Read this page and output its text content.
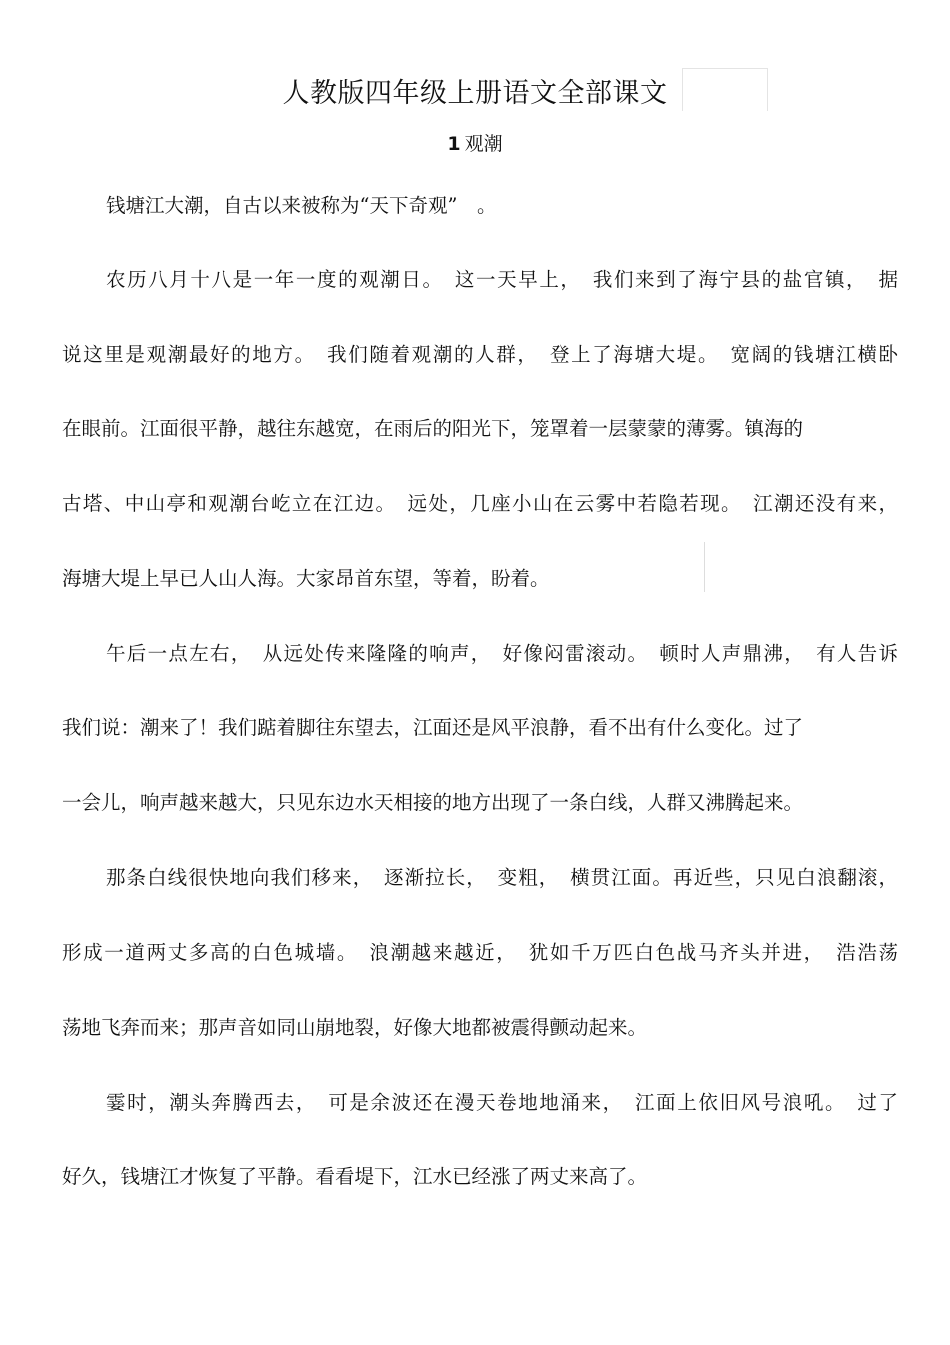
人教版四年级上册语文全部课文
1 观潮
钱塘江大潮，自古以来被称为“天下奇观”　。
农历八月十八是一年一度的观潮日。　这一天早上，　我们来到了海宁县的盐官镇，　据
说这里是观潮最好的地方。　我们随着观潮的人群，　登上了海塘大堤。　宽阔的钱塘江横卧
在眼前。江面很平静，越往东越宽，在雨后的阳光下，笼罩着一层蒙蒙的薄雾。镇海的
古塔、中山亭和观潮台屹立在江边。　远处，几座小山在云雾中若隐若现。　江潮还没有来，
海塘大堤上早已人山人海。大家昂首东望，等着，盼着。
午后一点左右，　从远处传来隆隆的响声，　好像闷雷滚动。　顿时人声鼎沸，　有人告诉
我们说：潮来了！我们踮着脚往东望去，江面还是风平浪静，看不出有什么变化。过了
一会儿，响声越来越大，只见东边水天相接的地方出现了一条白线，人群又沸腾起来。
那条白线很快地向我们移来，　逐渐拉长，　变粗，　横贯江面。再近些，只见白浪翻滚，
形成一道两丈多高的白色城墙。　浪潮越来越近，　犹如千万匹白色战马齐头并进，　浩浩荡
荡地飞奔而来；那声音如同山崩地裂，好像大地都被震得颤动起来。
霎时，潮头奔腾西去，　可是余波还在漫天卷地地涌来，　江面上依旧风号浪吼。　过了
好久，钱塘江才恢复了平静。看看堤下，江水已经涨了两丈来高了。
